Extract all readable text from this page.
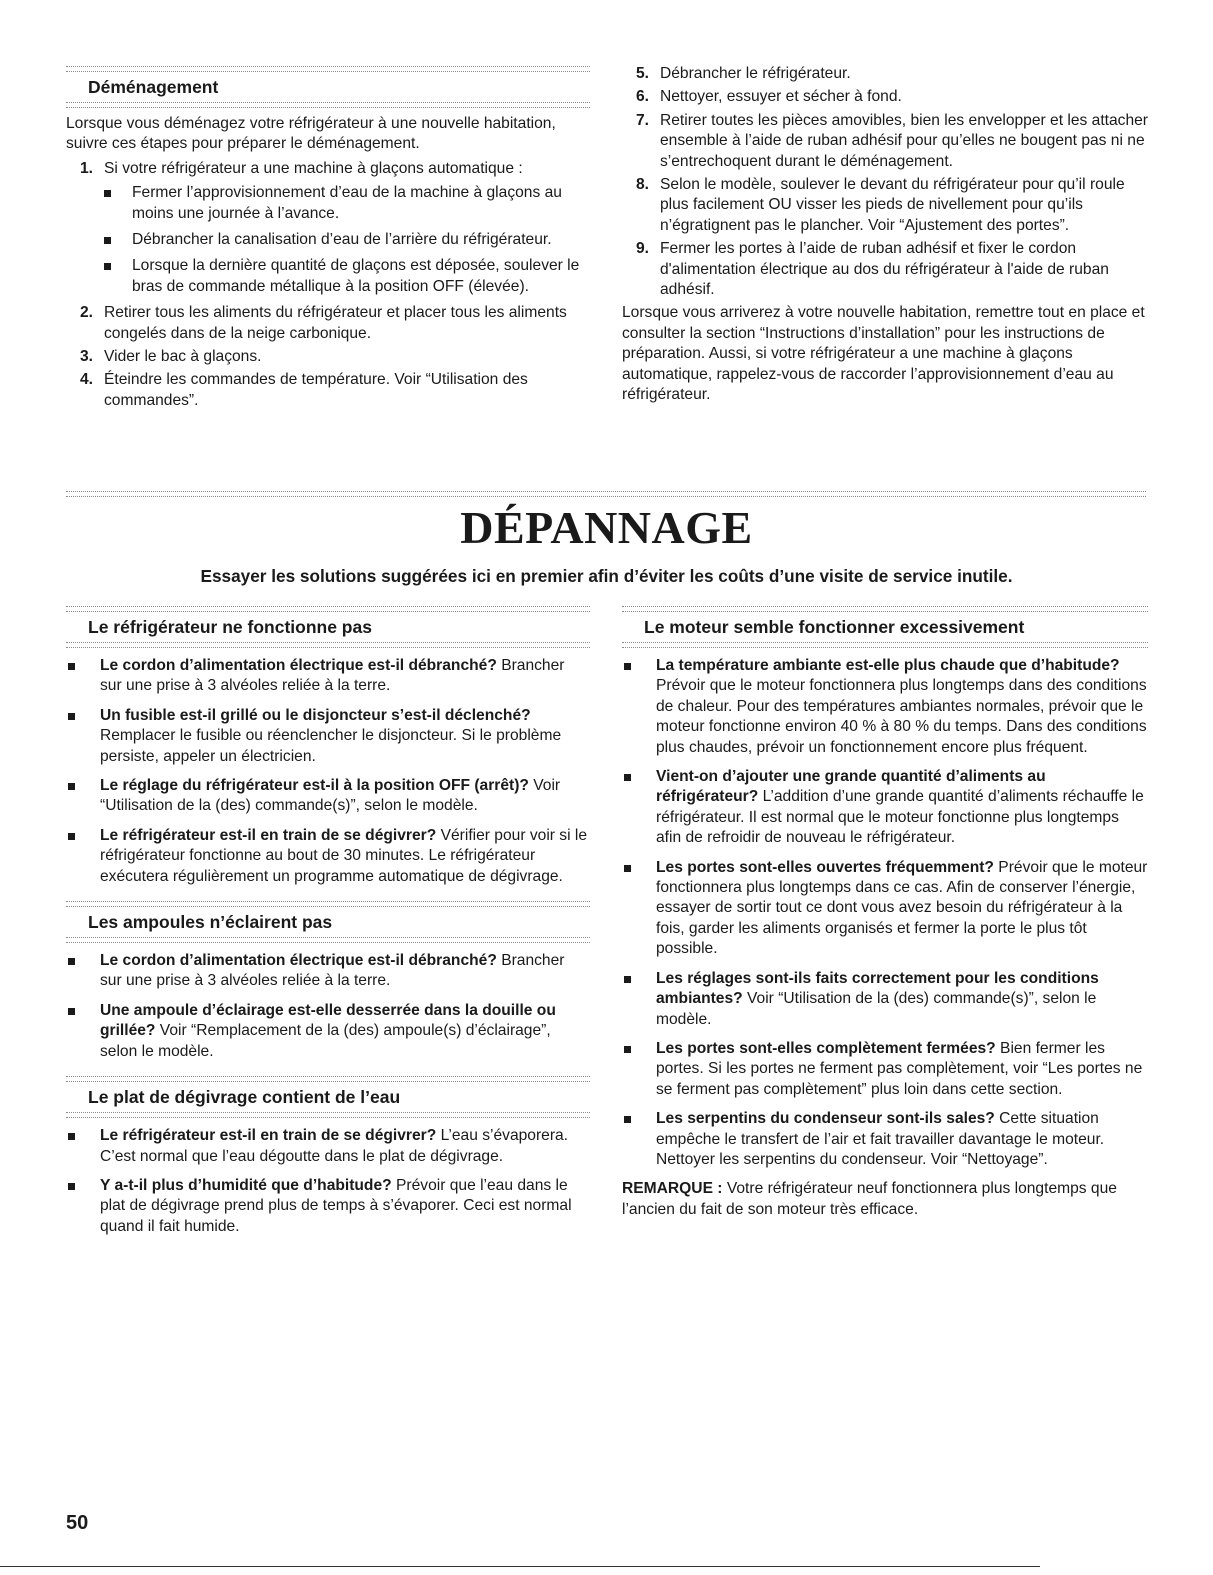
Déménagement

Lorsque vous déménagez votre réfrigérateur à une nouvelle habitation, suivre ces étapes pour préparer le déménagement.

1. Si votre réfrigérateur a une machine à glaçons automatique :
Fermer l’approvisionnement d’eau de la machine à glaçons au moins une journée à l’avance.
Débrancher la canalisation d’eau de l’arrière du réfrigérateur.
Lorsque la dernière quantité de glaçons est déposée, soulever le bras de commande métallique à la position OFF (élevée).
2. Retirer tous les aliments du réfrigérateur et placer tous les aliments congelés dans de la neige carbonique.
3. Vider le bac à glaçons.
4. Éteindre les commandes de température. Voir “Utilisation des commandes”.
5. Débrancher le réfrigérateur.
6. Nettoyer, essuyer et sécher à fond.
7. Retirer toutes les pièces amovibles, bien les envelopper et les attacher ensemble à l’aide de ruban adhésif pour qu’elles ne bougent pas ni ne s’entrechoquent durant le déménagement.
8. Selon le modèle, soulever le devant du réfrigérateur pour qu’il roule plus facilement OU visser les pieds de nivellement pour qu’ils n’égratignent pas le plancher. Voir “Ajustement des portes”.
9. Fermer les portes à l’aide de ruban adhésif et fixer le cordon d'alimentation électrique au dos du réfrigérateur à l'aide de ruban adhésif.

Lorsque vous arriverez à votre nouvelle habitation, remettre tout en place et consulter la section “Instructions d’installation” pour les instructions de préparation. Aussi, si votre réfrigérateur a une machine à glaçons automatique, rappelez-vous de raccorder l’approvisionnement d’eau au réfrigérateur.

DÉPANNAGE
Essayer les solutions suggérées ici en premier afin d’éviter les coûts d’une visite de service inutile.
Le réfrigérateur ne fonctionne pas
Le cordon d’alimentation électrique est-il débranché? Brancher sur une prise à 3 alvéoles reliée à la terre.
Un fusible est-il grillé ou le disjoncteur s’est-il déclenché? Remplacer le fusible ou réenclencher le disjoncteur. Si le problème persiste, appeler un électricien.
Le réglage du réfrigérateur est-il à la position OFF (arrêt)? Voir “Utilisation de la (des) commande(s)”, selon le modèle.
Le réfrigérateur est-il en train de se dégivrer? Vérifier pour voir si le réfrigérateur fonctionne au bout de 30 minutes. Le réfrigérateur exécutera régulièrement un programme automatique de dégivrage.
Les ampoules n’éclairent pas
Le cordon d’alimentation électrique est-il débranché? Brancher sur une prise à 3 alvéoles reliée à la terre.
Une ampoule d’éclairage est-elle desserrée dans la douille ou grillée? Voir “Remplacement de la (des) ampoule(s) d’éclairage”, selon le modèle.
Le plat de dégivrage contient de l’eau
Le réfrigérateur est-il en train de se dégivrer? L’eau s’évaporera. C’est normal que l’eau dégoutte dans le plat de dégivrage.
Y a-t-il plus d’humidité que d’habitude? Prévoir que l’eau dans le plat de dégivrage prend plus de temps à s’évaporer. Ceci est normal quand il fait humide.
Le moteur semble fonctionner excessivement
La température ambiante est-elle plus chaude que d’habitude? Prévoir que le moteur fonctionnera plus longtemps dans des conditions de chaleur. Pour des températures ambiantes normales, prévoir que le moteur fonctionne environ 40 % à 80 % du temps. Dans des conditions plus chaudes, prévoir un fonctionnement encore plus fréquent.
Vient-on d’ajouter une grande quantité d’aliments au réfrigérateur? L’addition d’une grande quantité d’aliments réchauffe le réfrigérateur. Il est normal que le moteur fonctionne plus longtemps afin de refroidir de nouveau le réfrigérateur.
Les portes sont-elles ouvertes fréquemment? Prévoir que le moteur fonctionnera plus longtemps dans ce cas. Afin de conserver l’énergie, essayer de sortir tout ce dont vous avez besoin du réfrigérateur à la fois, garder les aliments organisés et fermer la porte le plus tôt possible.
Les réglages sont-ils faits correctement pour les conditions ambiantes? Voir “Utilisation de la (des) commande(s)”, selon le modèle.
Les portes sont-elles complètement fermées? Bien fermer les portes. Si les portes ne ferment pas complètement, voir “Les portes ne se ferment pas complètement” plus loin dans cette section.
Les serpentins du condenseur sont-ils sales? Cette situation empêche le transfert de l’air et fait travailler davantage le moteur. Nettoyer les serpentins du condenseur. Voir “Nettoyage”.

REMARQUE : Votre réfrigérateur neuf fonctionnera plus longtemps que l’ancien du fait de son moteur très efficace.

50
